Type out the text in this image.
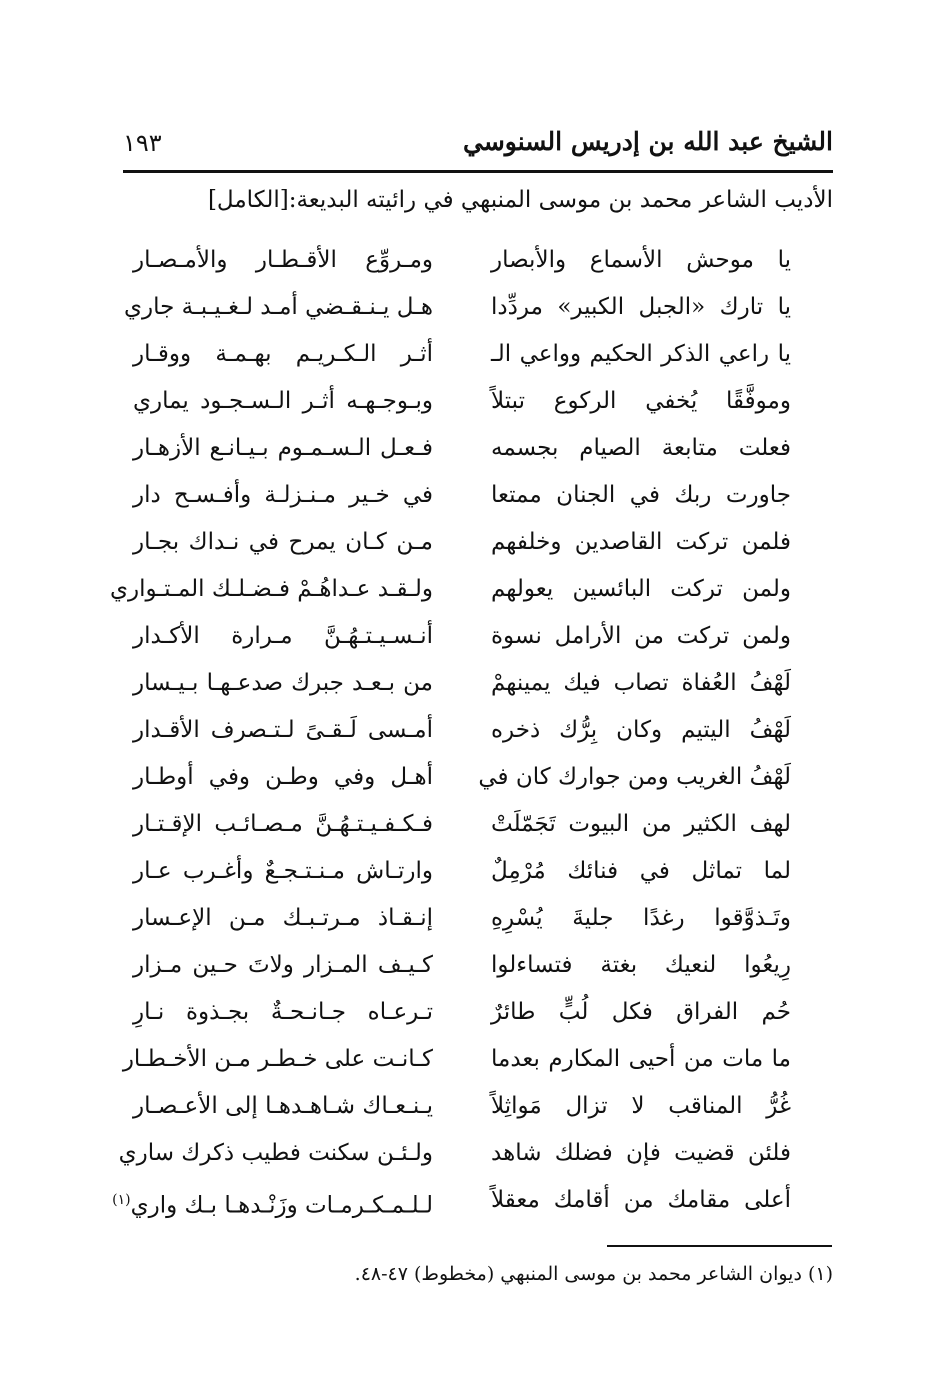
١٩٣	الشيخ عبد الله بن إدريس السنوسي
الأديب الشاعر محمد بن موسى المنبهي في رائيته البديعة:[الكامل]
يا موحش الأسماع والأبصار
ومـروِّع الأقـطـار والأمـصـار
يا تارك «الجبل الكبير» مردِّدا
هـل يـنـقـضي أمـد لـغـيـبـة جاري
يا راعي الذكر الحكيم وواعي الـ
أثـر الـكـريـم بهـمـة ووقـار
وموفَّقًا يُخفي الركوع تبتلاً
وبـوجـهـه أثـر الـسـجـود يماري
فعلت متابعة الصيام بجسمه
فـعـل الـسـمـوم بـيـانـع الأزهـار
جاورت ربك في الجنان ممتعا
في خـير مـنـزلـة وأفـسـح دار
فلمن تركت القاصدين وخلفهم
مـن كـان يمرح في نـداك بجـار
ولمن تركت البائسين يعولهم
ولـقـد عـداهُـمْ فـضـلـك المـتـواري
ولمن تركت من الأرامل نسوة
أنـسـيـتـهُـنَّ مـرارة الأكـدار
لَهْفُ العُفاة تصاب فيك يمينهمْ
من بـعـد جبرك صدعـهـا بـيـسار
لَهْفُ اليتيم وكان بِرُّك ذخره
أمـسى لَـقـىً لـتـصرف الأقـدار
لَهْفُ الغريب ومن جوارك كان في
أهـل وفي وطـن وفي أوطـار
لهف الكثير من البيوت تَجَمّلَتْ
فـكـفـيـتـهُـنَّ مـصـائـب الإقـتـار
لما تماثل في فنائك مُرْمِلٌ
وارتـاش مـنـتـجـعٌ وأغـرب عـار
وتَـذوَّقوا رغدًا جليةَ يُسْرِهِ
إنـقـاذ مـرتـبـك مـن الإعـسار
رِيعُوا لنعيك بغتة فتساءلوا
كـيـف المـزار ولاتَ حـين مـزار
حُم الفراق فكل لُبٍّ طائرٌ
تـرعـاه جـانـحـةٌ بجـذوة نـارِ
ما مات من أحيى المكارم بعدما
كـانـت على خـطـر مـن الأخـطـار
غُرُّ المناقب لا تزال مَواثِلاً
يـنـعـاك شـاهـدهـا إلى الأعـصـار
فلئن قضيت فإن فضلك شاهد
ولـئـن سكنت فطيب ذكرك ساري
أعلى مقامك من أقامك معقلاً
لـلـمـكـرمـات وزَنْـدهـا بـك واري$^{(١)}$
(١) ديوان الشاعر محمد بن موسى المنبهي (مخطوط) ٤٧-٤٨.
